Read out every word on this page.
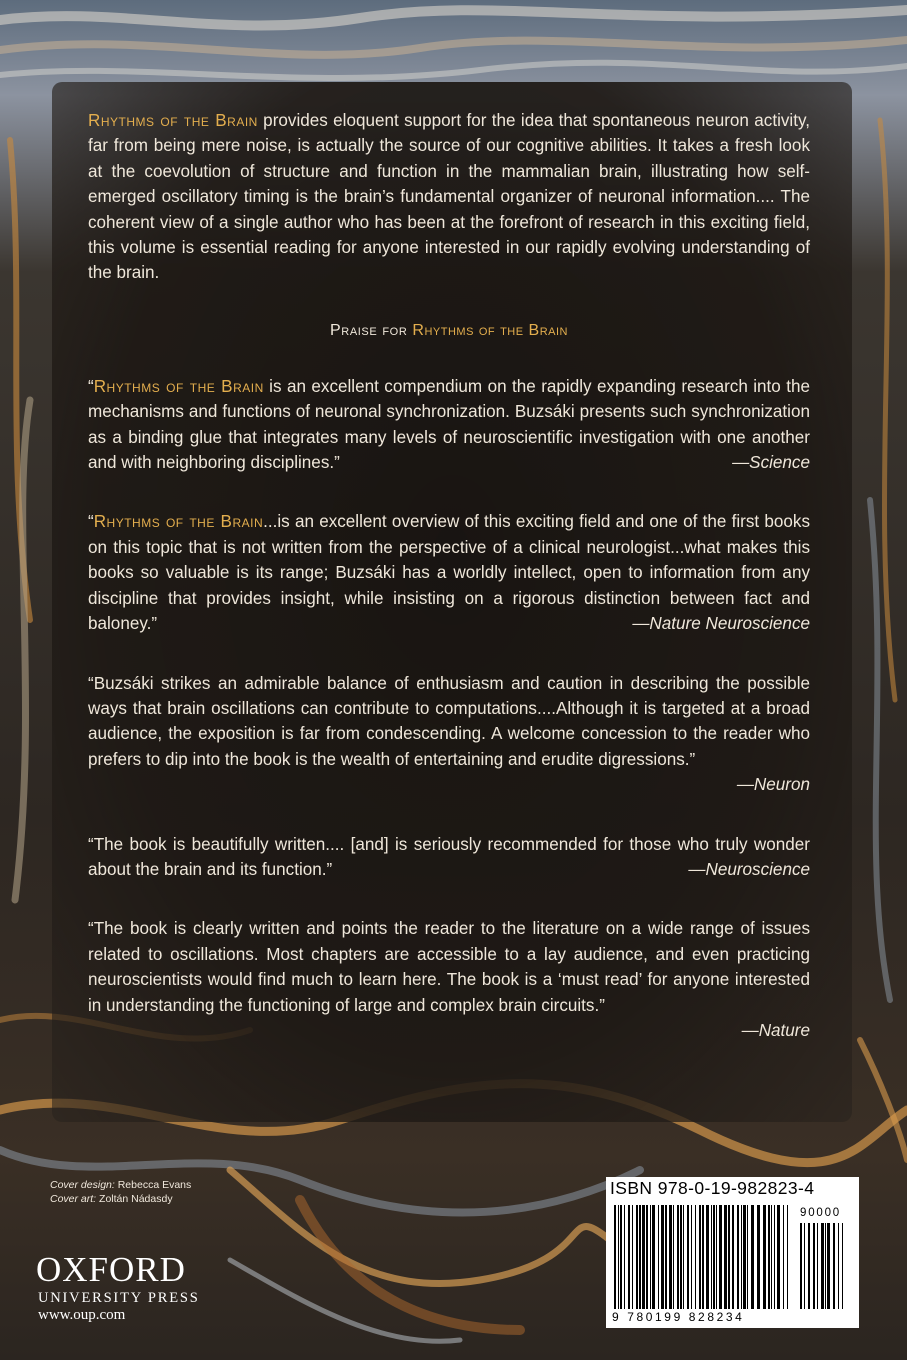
Rhythms of the Brain provides eloquent support for the idea that spontaneous neuron activity, far from being mere noise, is actually the source of our cognitive abilities. It takes a fresh look at the coevolution of structure and function in the mammalian brain, illustrating how self-emerged oscillatory timing is the brain’s fundamental organizer of neuronal information.... The coherent view of a single author who has been at the forefront of research in this exciting field, this volume is essential reading for anyone interested in our rapidly evolving understanding of the brain.

Praise for Rhythms of the Brain

“Rhythms of the Brain is an excellent compendium on the rapidly expanding research into the mechanisms and functions of neuronal synchronization. Buzsáki presents such synchronization as a binding glue that integrates many levels of neuroscientific investigation with one another and with neighboring disciplines.”	—Science

“Rhythms of the Brain...is an excellent overview of this exciting field and one of the first books on this topic that is not written from the perspective of a clinical neurologist...what makes this books so valuable is its range; Buzsáki has a worldly intellect, open to information from any discipline that provides insight, while insisting on a rigorous distinction between fact and baloney.”	—Nature Neuroscience

“Buzsáki strikes an admirable balance of enthusiasm and caution in describing the possible ways that brain oscillations can contribute to computations....Although it is targeted at a broad audience, the exposition is far from condescending. A welcome concession to the reader who prefers to dip into the book is the wealth of entertaining and erudite digressions.”

—Neuron

“The book is beautifully written.... [and] is seriously recommended for those who truly wonder about the brain and its function.”	—Neuroscience

“The book is clearly written and points the reader to the literature on a wide range of issues related to oscillations. Most chapters are accessible to a lay audience, and even practicing neuroscientists would find much to learn here. The book is a ‘must read’ for anyone interested in understanding the functioning of large and complex brain circuits.”

—Nature

Cover design: Rebecca Evans
Cover art: Zoltán Nádasdy
OXFORD
UNIVERSITY PRESS
www.oup.com
ISBN 978-0-19-982823-4
90000
9 780199 828234
